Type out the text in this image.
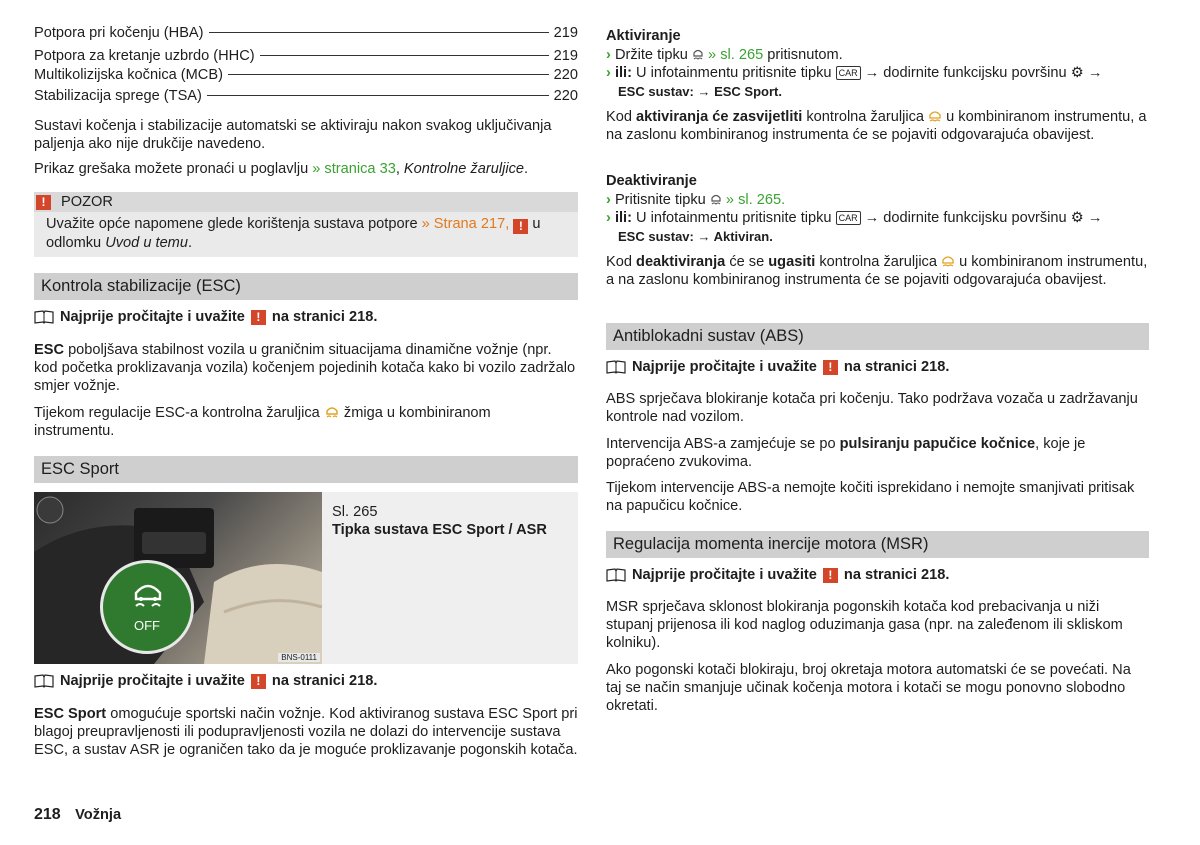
Potpora pri kočenju (HBA)	219
Potpora za kretanje uzbrdo (HHC)	219
Multikolizijska kočnica (MCB)	220
Stabilizacija sprege (TSA)	220

Sustavi kočenja i stabilizacije automatski se aktiviraju nakon svakog uključivanja paljenja ako nije drukčije navedeno.

Prikaz grešaka možete pronaći u poglavlju » stranica 33, Kontrolne žaruljice.

!	POZOR
Uvažite opće napomene glede korištenja sustava potpore » Strana 217, ! u odlomku Uvod u temu.
Kontrola stabilizacije (ESC)
Najprije pročitajte i uvažite ! na stranici 218.

ESC poboljšava stabilnost vozila u graničnim situacijama dinamične vožnje (npr. kod početka proklizavanja vozila) kočenjem pojedinih kotača kako bi vozilo zadržalo smjer vožnje.

Tijekom regulacije ESC-a kontrolna žaruljica  žmiga u kombiniranom instrumentu.

ESC Sport
OFF
BNS-0111

Sl. 265

Tipka sustava ESC Sport / ASR

Najprije pročitajte i uvažite ! na stranici 218.

ESC Sport omogućuje sportski način vožnje. Kod aktiviranog sustava ESC Sport pri blagoj preupravljenosti ili podupravljenosti vozila ne dolazi do intervencije sustava ESC, a sustav ASR je ograničen tako da je moguće proklizavanje pogonskih kotača.

218 Vožnja

Aktiviranje

› Držite tipku  » sl. 265 pritisnutom.

› ili: U infotainmentu pritisnite tipku CAR → dodirnite funkcijsku površinu ⚙ →

ESC sustav: → ESC Sport.

Kod aktiviranja će zasvijetliti kontrolna žaruljica  u kombiniranom instrumentu, a na zaslonu kombiniranog instrumenta će se pojaviti odgovarajuća obavijest.

Deaktiviranje

› Pritisnite tipku  » sl. 265.

› ili: U infotainmentu pritisnite tipku CAR → dodirnite funkcijsku površinu ⚙ →

ESC sustav: → Aktiviran.

Kod deaktiviranja će se ugasiti kontrolna žaruljica  u kombiniranom instrumentu, a na zaslonu kombiniranog instrumenta će se pojaviti odgovarajuća obavijest.

Antiblokadni sustav (ABS)
Najprije pročitajte i uvažite ! na stranici 218.

ABS sprječava blokiranje kotača pri kočenju. Tako podržava vozača u zadržavanju kontrole nad vozilom.

Intervencija ABS-a zamjećuje se po pulsiranju papučice kočnice, koje je popraćeno zvukovima.

Tijekom intervencije ABS-a nemojte kočiti isprekidano i nemojte smanjivati pritisak na papučicu kočnice.

Regulacija momenta inercije motora (MSR)
Najprije pročitajte i uvažite ! na stranici 218.

MSR sprječava sklonost blokiranja pogonskih kotača kod prebacivanja u niži stupanj prijenosa ili kod naglog oduzimanja gasa (npr. na zaleđenom ili skliskom kolniku).

Ako pogonski kotači blokiraju, broj okretaja motora automatski će se povećati. Na taj se način smanjuje učinak kočenja motora i kotači se mogu ponovno slobodno okretati.
